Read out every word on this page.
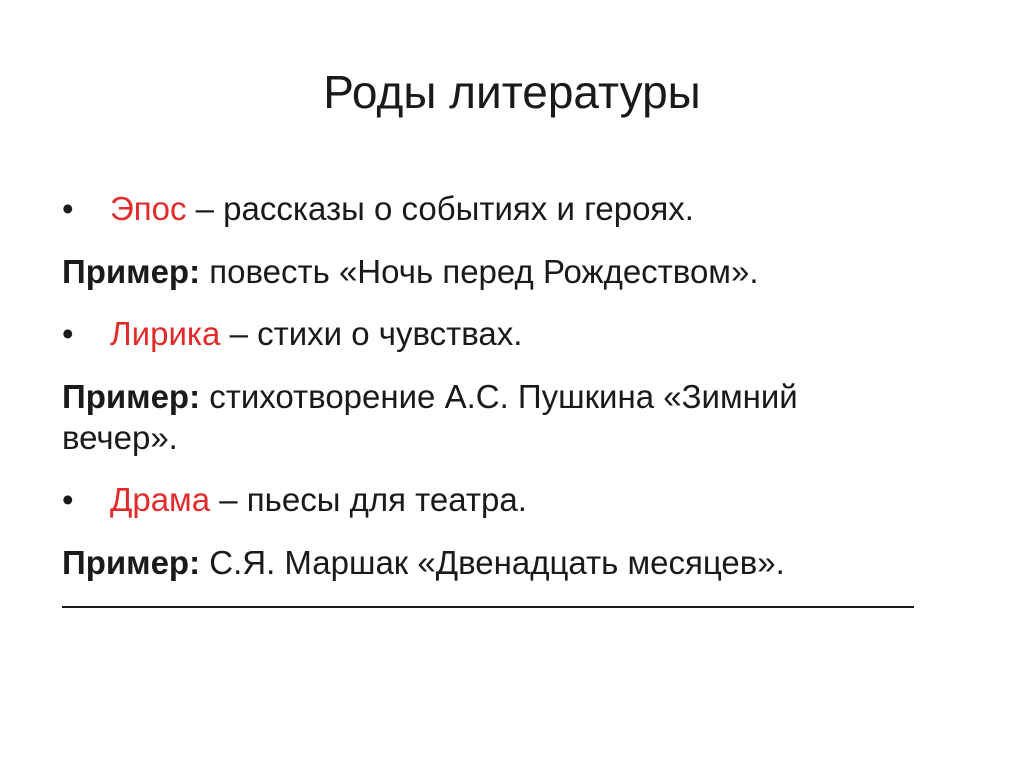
Роды литературы
•	Эпос – рассказы о событиях и героях.
Пример: повесть «Ночь перед Рождеством».
•	Лирика – стихи о чувствах.
Пример: стихотворение А.С. Пушкина «Зимний
вечер».
•	Драма – пьесы для театра.
Пример: С.Я. Маршак «Двенадцать месяцев».
